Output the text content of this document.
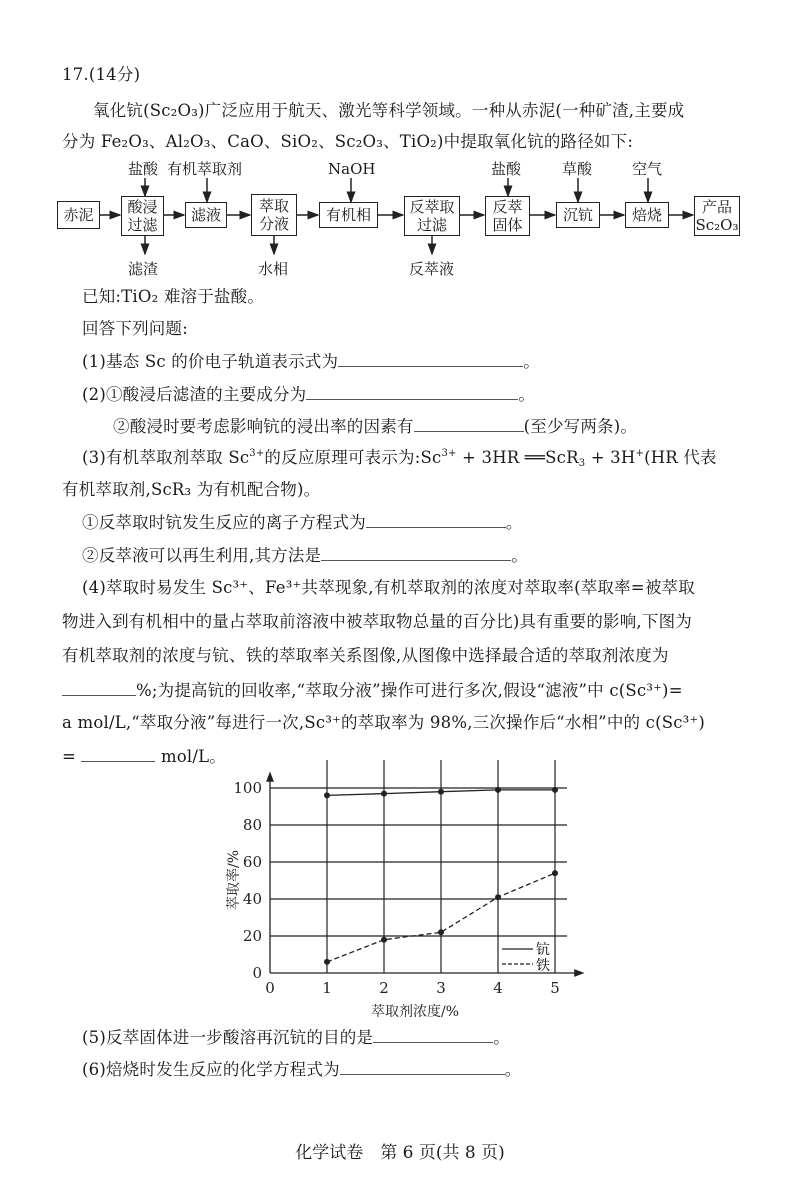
17.(14分)
氧化钪(Sc₂O₃)广泛应用于航天、激光等科学领域。一种从赤泥(一种矿渣,主要成
分为 Fe₂O₃、Al₂O₃、CaO、SiO₂、Sc₂O₃、TiO₂)中提取氧化钪的路径如下:
赤泥	酸浸
过滤
滤液	萃取
分液	有机相	反萃取
过滤
反萃
固体
沉钪	焙烧	产品
Sc₂O₃
盐酸 有机萃取剂	NaOH	盐酸	草酸	空气
滤渣	水相	反萃液
已知:TiO₂ 难溶于盐酸。
回答下列问题:
(1)基态 Sc 的价电子轨道表示式为	。
(2)①酸浸后滤渣的主要成分为	。
②酸浸时要考虑影响钪的浸出率的因素有	(至少写两条)。
(3)有机萃取剂萃取 $Sc^{3+}$的反应原理可表示为$:Sc^{3+} + 3HR$ ══ScR$_3$ + 3H+(HR 代表
有机萃取剂,ScR₃ 为有机配合物)。
①反萃取时钪发生反应的离子方程式为	。
②反萃液可以再生利用,其方法是	。
(4)萃取时易发生 Sc³⁺、Fe³⁺共萃现象,有机萃取剂的浓度对萃取率(萃取率=被萃取
物进入到有机相中的量占萃取前溶液中被萃取物总量的百分比)具有重要的影响,下图为
有机萃取剂的浓度与钪、铁的萃取率关系图像,从图像中选择最合适的萃取剂浓度为
%;为提高钪的回收率,“萃取分液”操作可进行多次,假设“滤液”中 c(Sc³⁺)=
a mol/L,“萃取分液”每进行一次,Sc³⁺的萃取率为 98%,三次操作后“水相”中的 c(Sc³⁺)
=	mol/L。
钪
铁
100
80
60
40
20
0
0	1	2	3	4	5
萃取剂浓度/%
萃取率/%
(5)反萃固体进一步酸溶再沉钪的目的是	。
(6)焙烧时发生反应的化学方程式为	。
化学试卷　第 6 页(共 8 页)
